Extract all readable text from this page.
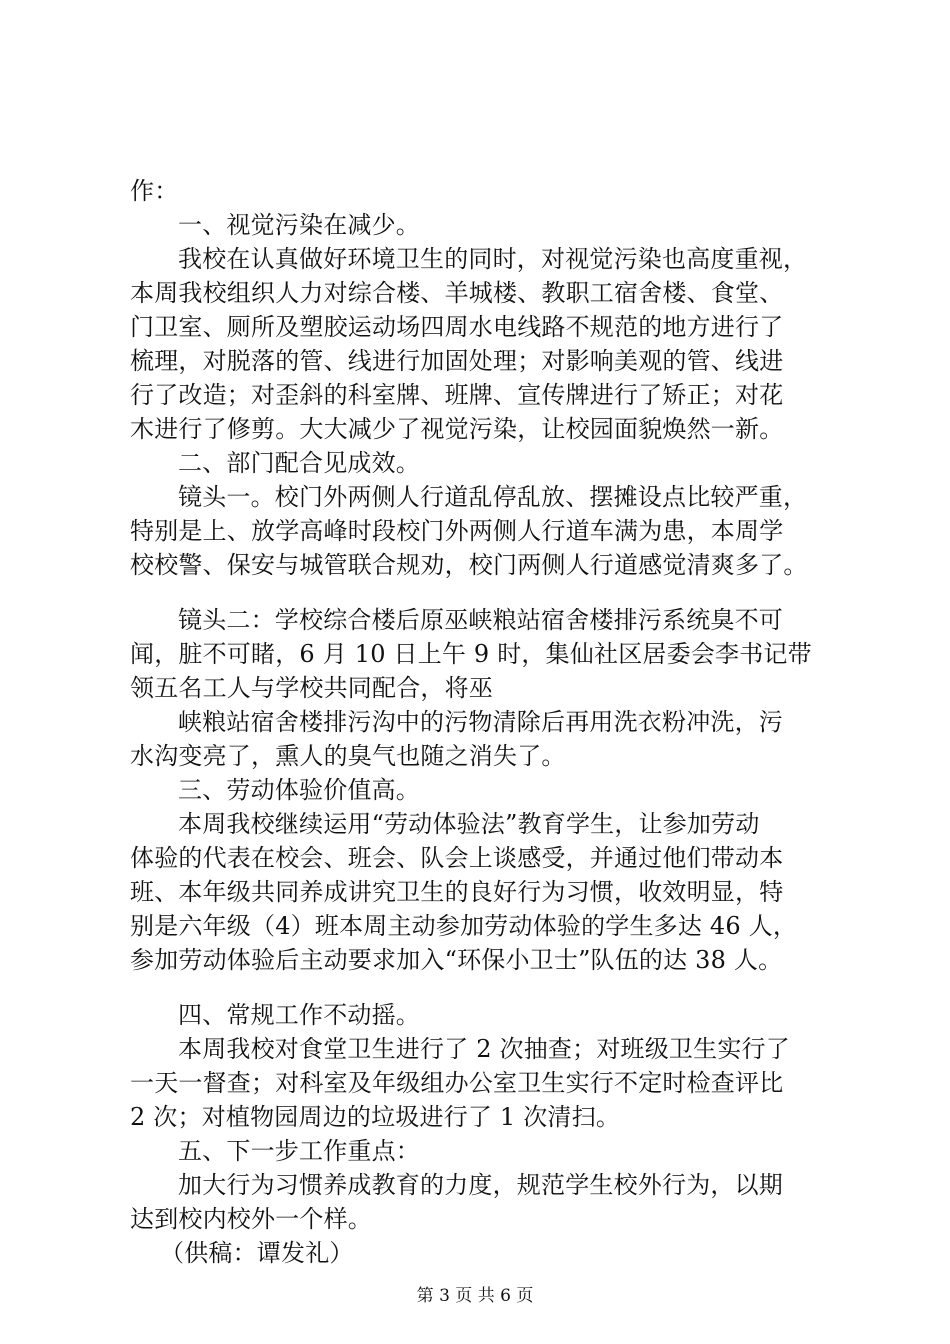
作：
一、视觉污染在减少。
我校在认真做好环境卫生的同时，对视觉污染也高度重视，
本周我校组织人力对综合楼、羊城楼、教职工宿舍楼、食堂、
门卫室、厕所及塑胶运动场四周水电线路不规范的地方进行了
梳理，对脱落的管、线进行加固处理；对影响美观的管、线进
行了改造；对歪斜的科室牌、班牌、宣传牌进行了矫正；对花
木进行了修剪。大大减少了视觉污染，让校园面貌焕然一新。
二、部门配合见成效。
镜头一。校门外两侧人行道乱停乱放、摆摊设点比较严重，
特别是上、放学高峰时段校门外两侧人行道车满为患，本周学
校校警、保安与城管联合规劝，校门两侧人行道感觉清爽多了。
镜头二：学校综合楼后原巫峡粮站宿舍楼排污系统臭不可
闻，脏不可睹，6 月 10 日上午 9 时，集仙社区居委会李书记带
领五名工人与学校共同配合，将巫
峡粮站宿舍楼排污沟中的污物清除后再用洗衣粉冲洗，污
水沟变亮了，熏人的臭气也随之消失了。
三、劳动体验价值高。
本周我校继续运用“劳动体验法”教育学生，让参加劳动
体验的代表在校会、班会、队会上谈感受，并通过他们带动本
班、本年级共同养成讲究卫生的良好行为习惯，收效明显，特
别是六年级（4）班本周主动参加劳动体验的学生多达 46 人，
参加劳动体验后主动要求加入“环保小卫士”队伍的达 38 人。
四、常规工作不动摇。
本周我校对食堂卫生进行了 2 次抽查；对班级卫生实行了
一天一督查；对科室及年级组办公室卫生实行不定时检查评比
2 次；对植物园周边的垃圾进行了 1 次清扫。
五、下一步工作重点：
加大行为习惯养成教育的力度，规范学生校外行为，以期
达到校内校外一个样。
（供稿：谭发礼）
第 3 页 共 6 页
